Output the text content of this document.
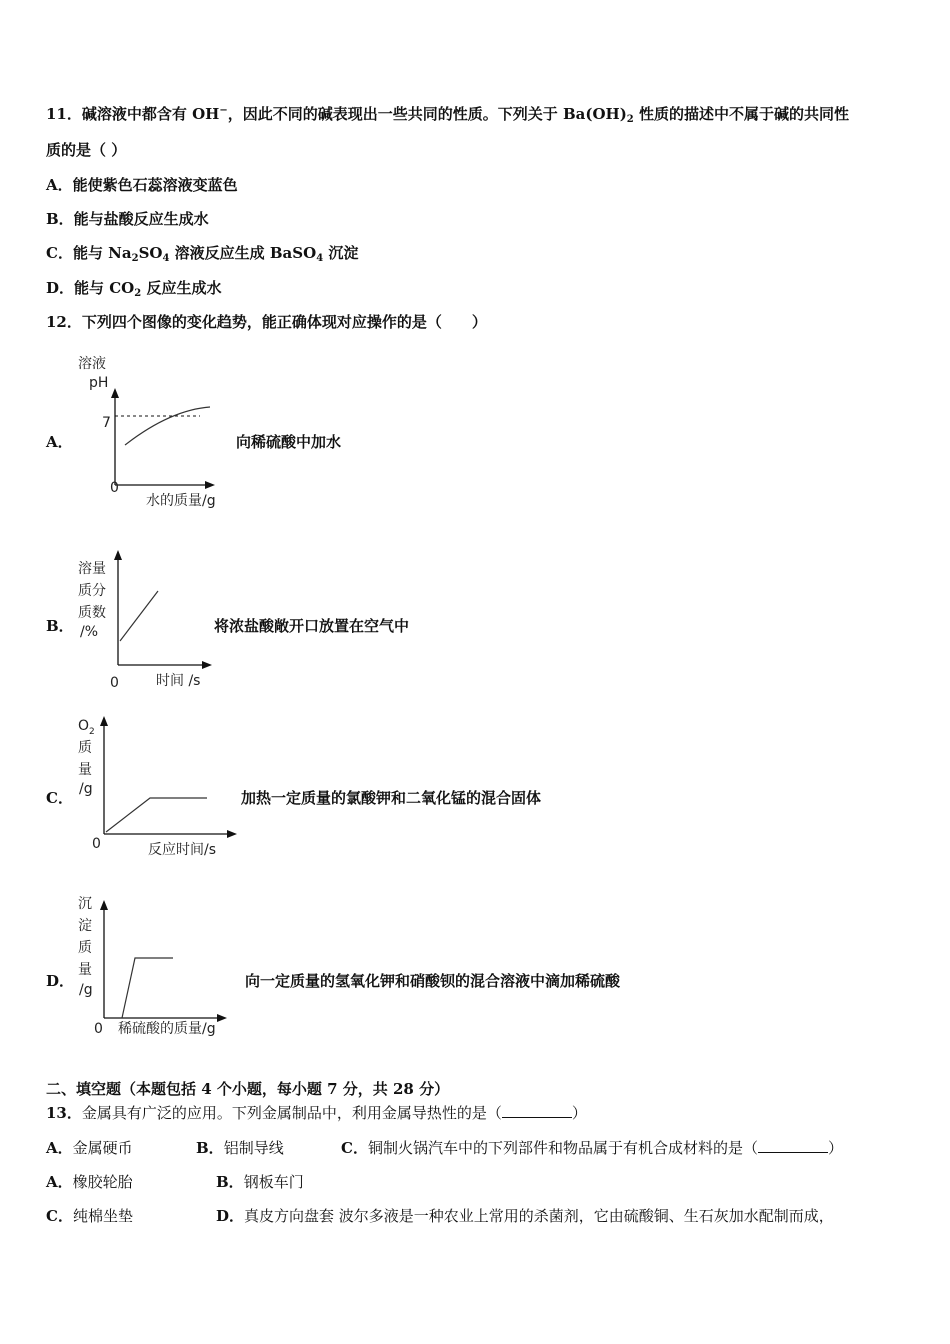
11．碱溶液中都含有 OH−，因此不同的碱表现出一些共同的性质。下列关于 $Ba(OH)_2$ 性质的描述中不属于碱的共同性
质的是（ ）
A．能使紫色石蕊溶液变蓝色
B．能与盐酸反应生成水
C．能与 $Na_2SO_4$ 溶液反应生成 BaSO$_4$ 沉淀
D．能与 $CO_2$ 反应生成水
12．下列四个图像的变化趋势，能正确体现对应操作的是（　　）
A．
溶液
pH
7
0
水的质量/g
向稀硫酸中加水
B．
溶量
质分
质数
/%
0	时间 /s
将浓盐酸敞开口放置在空气中
C．
$O_2$
质
量
/g
0	反应时间/s
加热一定质量的氯酸钾和二氧化锰的混合固体
D．
沉
淀
质
量
/g
0 稀硫酸的质量/g
向一定质量的氢氧化钾和硝酸钡的混合溶液中滴加稀硫酸
二、填空题（本题包括 4 个小题，每小题 7 分，共 28 分）
13．金属具有广泛的应用。下列金属制品中，利用金属导热性的是（	）
A．金属硬币	B．铝制导线	C．铜制火锅汽车中的下列部件和物品属于有机合成材料的是（	）
A．橡胶轮胎	B．钢板车门
C．纯棉坐垫	D．真皮方向盘套 波尔多液是一种农业上常用的杀菌剂，它由硫酸铜、生石灰加水配制而成，
